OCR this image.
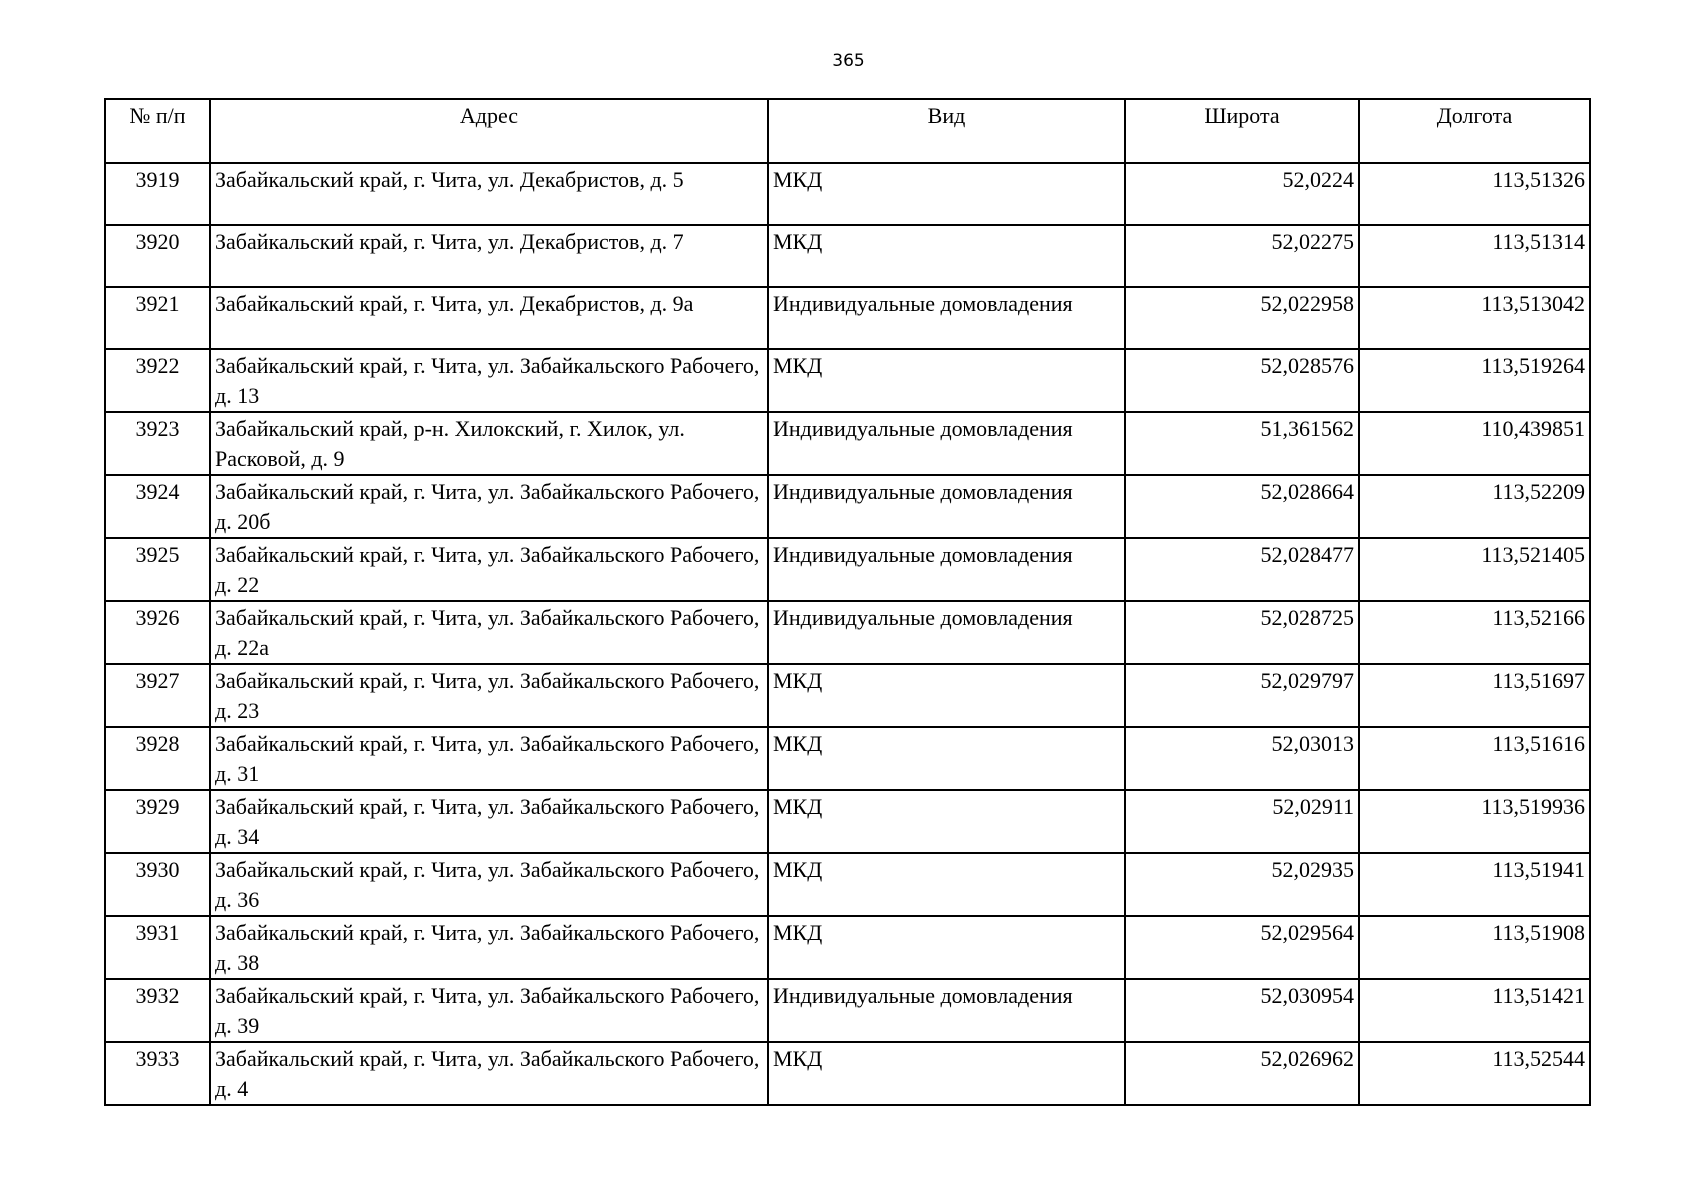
365
№ п/п	Адрес	Вид	Широта	Долгота
3919	Забайкальский край, г. Чита, ул. Декабристов, д. 5	МКД	52,0224	113,51326
3920	Забайкальский край, г. Чита, ул. Декабристов, д. 7	МКД	52,02275	113,51314
3921	Забайкальский край, г. Чита, ул. Декабристов, д. 9а	Индивидуальные домовладения	52,022958	113,513042
3922	Забайкальский край, г. Чита, ул. Забайкальского Рабочего, д. 13	МКД	52,028576	113,519264
3923	Забайкальский край, р-н. Хилокский, г. Хилок, ул. Расковой, д. 9	Индивидуальные домовладения	51,361562	110,439851
3924	Забайкальский край, г. Чита, ул. Забайкальского Рабочего, д. 20б	Индивидуальные домовладения	52,028664	113,52209
3925	Забайкальский край, г. Чита, ул. Забайкальского Рабочего, д. 22	Индивидуальные домовладения	52,028477	113,521405
3926	Забайкальский край, г. Чита, ул. Забайкальского Рабочего, д. 22а	Индивидуальные домовладения	52,028725	113,52166
3927	Забайкальский край, г. Чита, ул. Забайкальского Рабочего, д. 23	МКД	52,029797	113,51697
3928	Забайкальский край, г. Чита, ул. Забайкальского Рабочего, д. 31	МКД	52,03013	113,51616
3929	Забайкальский край, г. Чита, ул. Забайкальского Рабочего, д. 34	МКД	52,02911	113,519936
3930	Забайкальский край, г. Чита, ул. Забайкальского Рабочего, д. 36	МКД	52,02935	113,51941
3931	Забайкальский край, г. Чита, ул. Забайкальского Рабочего, д. 38	МКД	52,029564	113,51908
3932	Забайкальский край, г. Чита, ул. Забайкальского Рабочего, д. 39	Индивидуальные домовладения	52,030954	113,51421
3933	Забайкальский край, г. Чита, ул. Забайкальского Рабочего, д. 4	МКД	52,026962	113,52544
